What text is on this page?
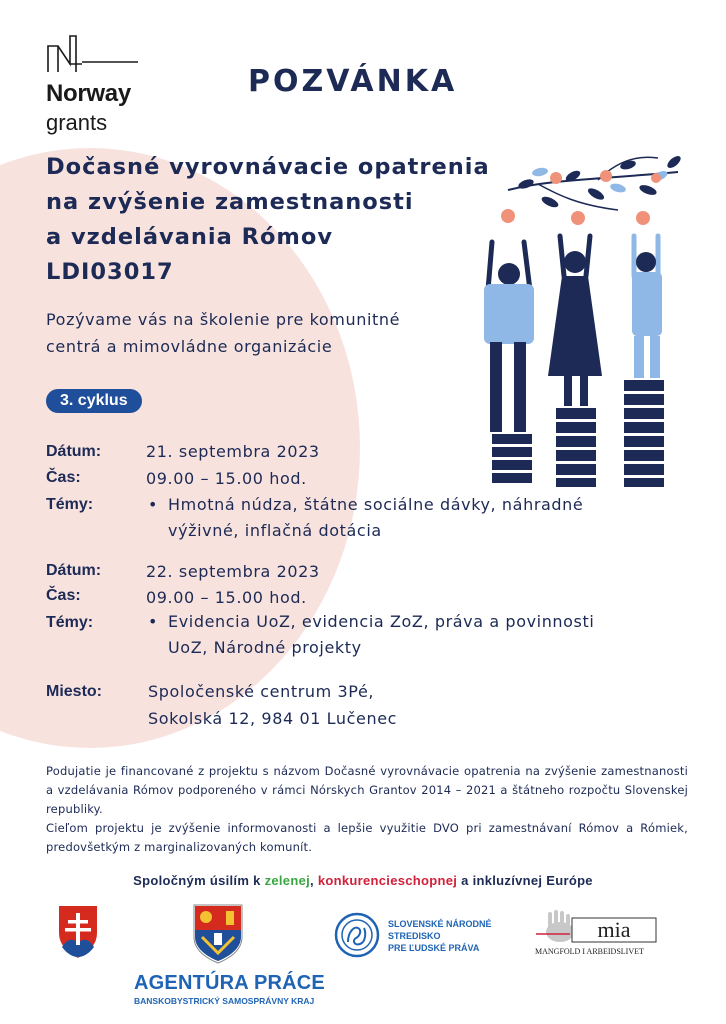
Norway
grants
POZVÁNKA
Dočasné vyrovnávacie opatrenia
na zvýšenie zamestnanosti
a vzdelávania Rómov
LDI03017
Pozývame vás na školenie pre komunitné
centrá a mimovládne organizácie
3. cyklus
Dátum:	21. septembra 2023
Čas:	09.00 – 15.00 hod.
Témy:	• Hmotná núdza, štátne sociálne dávky, náhradné
výživné, inflačná dotácia
Dátum:	22. septembra 2023
Čas:	09.00 – 15.00 hod.
Témy:	• Evidencia UoZ, evidencia ZoZ, práva a povinnosti
UoZ, Národné projekty
Miesto:	Spoločenské centrum 3Pé,
Sokolská 12, 984 01 Lučenec

Podujatie je financované z projektu s názvom Dočasné vyrovnávacie opatrenia na zvýšenie zamestnanosti a vzdelávania Rómov podporeného v rámci Nórskych Grantov 2014 – 2021 a štátneho rozpočtu Slovenskej republiky.

Cieľom projektu je zvýšenie informovanosti a lepšie využitie DVO pri zamestnávaní Rómov a Rómiek, predovšetkým z marginalizovaných komunít.

Spoločným úsilím k zelenej, konkurencieschopnej a inkluzívnej Európe
AGENTÚRA PRÁCE
BANSKOBYSTRICKÝ SAMOSPRÁVNY KRAJ
SLOVENSKÉ NÁRODNÉ
STREDISKO
PRE ĽUDSKÉ PRÁVA
mia
MANGFOLD I ARBEIDSLIVET
